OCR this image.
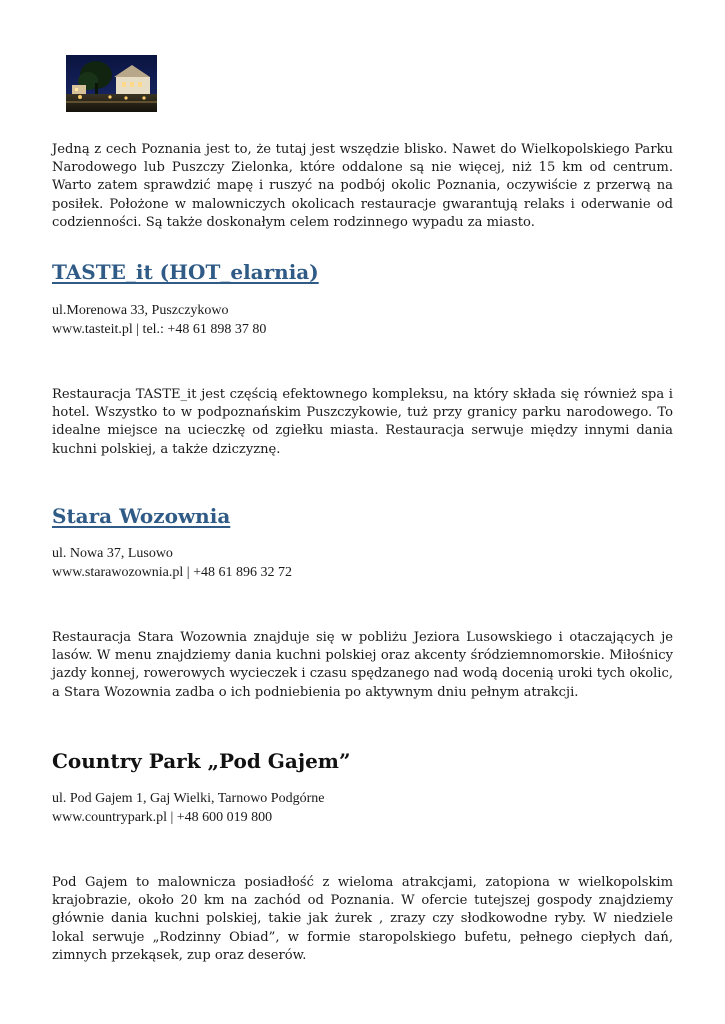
Jedną z cech Poznania jest to, że tutaj jest wszędzie blisko. Nawet do Wielkopolskiego Parku Narodowego lub Puszczy Zielonka, które oddalone są nie więcej, niż 15 km od centrum. Warto zatem sprawdzić mapę i ruszyć na podbój okolic Poznania, oczywiście z przerwą na posiłek. Położone w malowniczych okolicach restauracje gwarantują relaks i oderwanie od codzienności. Są także doskonałym celem rodzinnego wypadu za miasto.

TASTE_it (HOT_elarnia)
ul.Morenowa 33, Puszczykowo
www.tasteit.pl | tel.: +48 61 898 37 80

Restauracja TASTE_it jest częścią efektownego kompleksu, na który składa się również spa i hotel. Wszystko to w podpoznańskim Puszczykowie, tuż przy granicy parku narodowego. To idealne miejsce na ucieczkę od zgiełku miasta. Restauracja serwuje między innymi dania kuchni polskiej, a także dziczyznę.

Stara Wozownia
ul. Nowa 37, Lusowo
www.starawozownia.pl | +48 61 896 32 72

Restauracja Stara Wozownia znajduje się w pobliżu Jeziora Lusowskiego i otaczających je lasów. W menu znajdziemy dania kuchni polskiej oraz akcenty śródziemnomorskie. Miłośnicy jazdy konnej, rowerowych wycieczek i czasu spędzanego nad wodą docenią uroki tych okolic, a Stara Wozownia zadba o ich podniebienia po aktywnym dniu pełnym atrakcji.

Country Park „Pod Gajem”
ul. Pod Gajem 1, Gaj Wielki, Tarnowo Podgórne
www.countrypark.pl | +48 600 019 800

Pod Gajem to malownicza posiadłość z wieloma atrakcjami, zatopiona w wielkopolskim krajobrazie, około 20 km na zachód od Poznania. W ofercie tutejszej gospody znajdziemy głównie dania kuchni polskiej, takie jak żurek , zrazy czy słodkowodne ryby. W niedziele lokal serwuje „Rodzinny Obiad”, w formie staropolskiego bufetu, pełnego ciepłych dań, zimnych przekąsek, zup oraz deserów.
